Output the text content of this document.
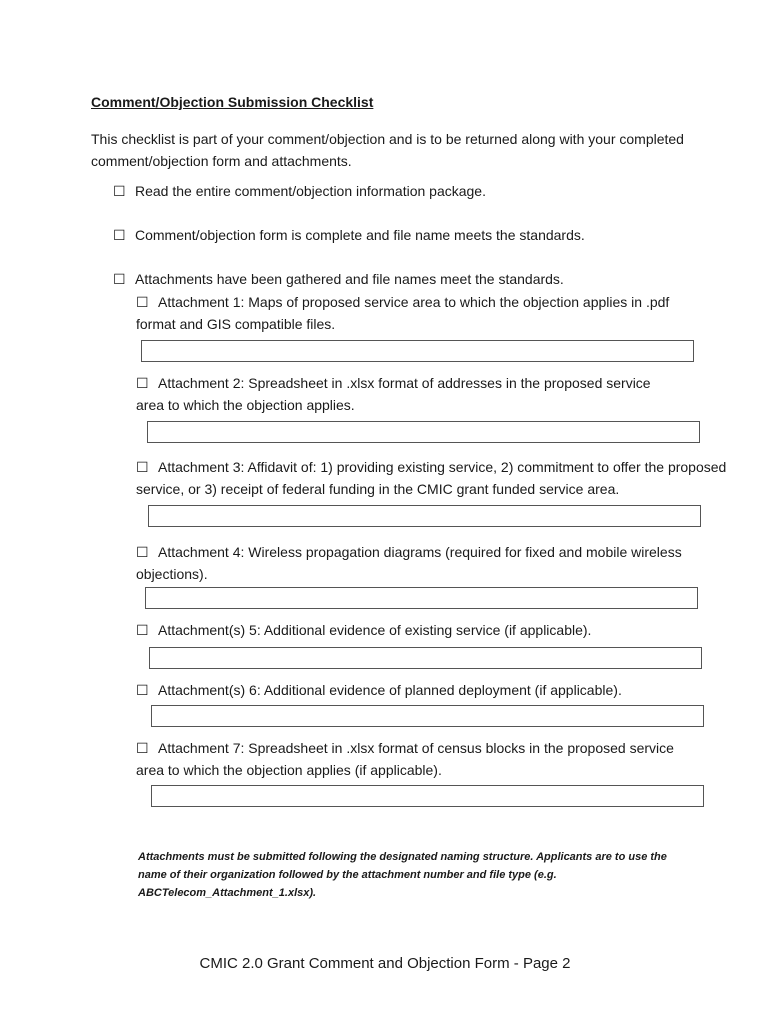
Comment/Objection Submission Checklist
This checklist is part of your comment/objection and is to be returned along with your completed comment/objection form and attachments.
☐ Read the entire comment/objection information package.
☐ Comment/objection form is complete and file name meets the standards.
☐ Attachments have been gathered and file names meet the standards.
☐ Attachment 1: Maps of proposed service area to which the objection applies in .pdf format and GIS compatible files.
☐ Attachment 2: Spreadsheet in .xlsx format of addresses in the proposed service area to which the objection applies.
☐ Attachment 3: Affidavit of: 1) providing existing service, 2) commitment to offer the proposed service, or 3) receipt of federal funding in the CMIC grant funded service area.
☐ Attachment 4: Wireless propagation diagrams (required for fixed and mobile wireless objections).
☐ Attachment(s) 5: Additional evidence of existing service (if applicable).
☐ Attachment(s) 6: Additional evidence of planned deployment (if applicable).
☐ Attachment 7: Spreadsheet in .xlsx format of census blocks in the proposed service area to which the objection applies (if applicable).
Attachments must be submitted following the designated naming structure. Applicants are to use the name of their organization followed by the attachment number and file type (e.g. ABCTelecom_Attachment_1.xlsx).
CMIC 2.0 Grant Comment and Objection Form - Page 2
